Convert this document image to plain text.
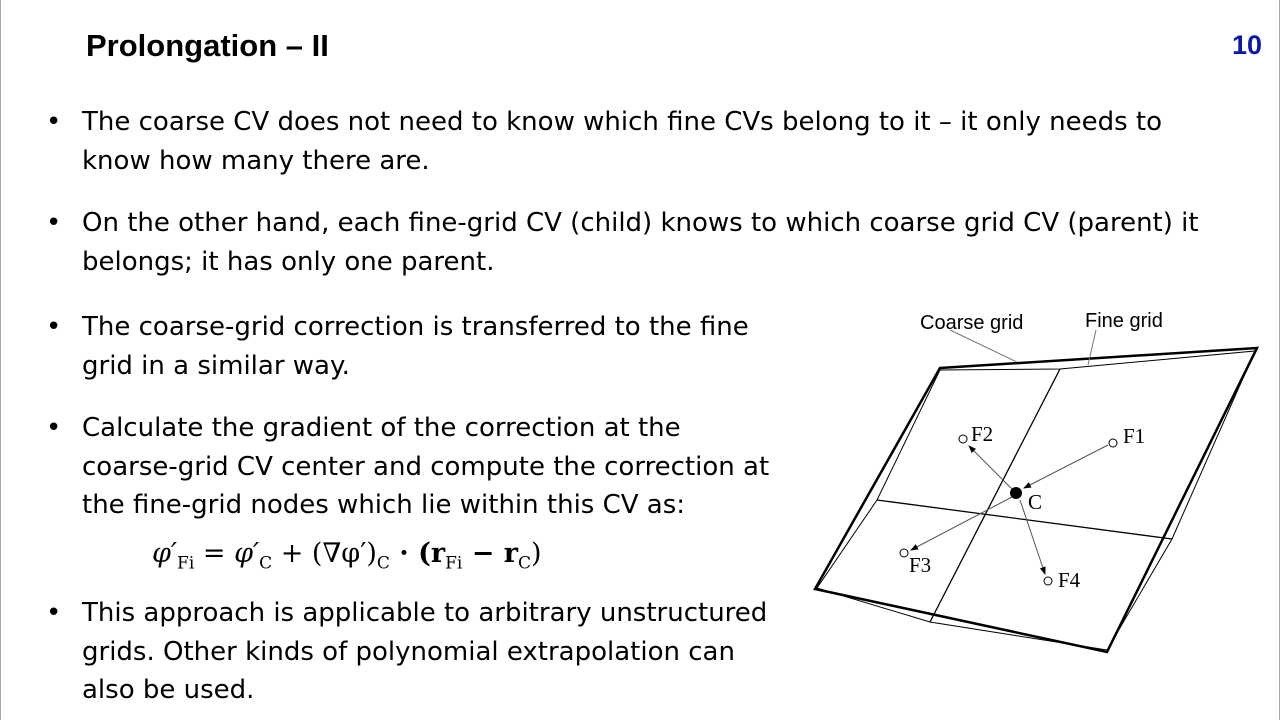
Prolongation – II	10
• The coarse CV does not need to know which fine CVs belong to it – it only needs to know how many there are.
• On the other hand, each fine-grid CV (child) knows to which coarse grid CV (parent) it belongs; it has only one parent.
• The coarse-grid correction is transferred to the fine grid in a similar way.
• Calculate the gradient of the correction at the coarse-grid CV center and compute the correction at the fine-grid nodes which lie within this CV as:
• This approach is applicable to arbitrary unstructured grids. Other kinds of polynomial extrapolation can also be used.
$\varphi'_{Fi} = \varphi'_C + (\nabla\varphi')_C \cdot (r_{Fi} - r_C)$
Coarse grid	Fine grid
C
F1
F2
F3
F4
